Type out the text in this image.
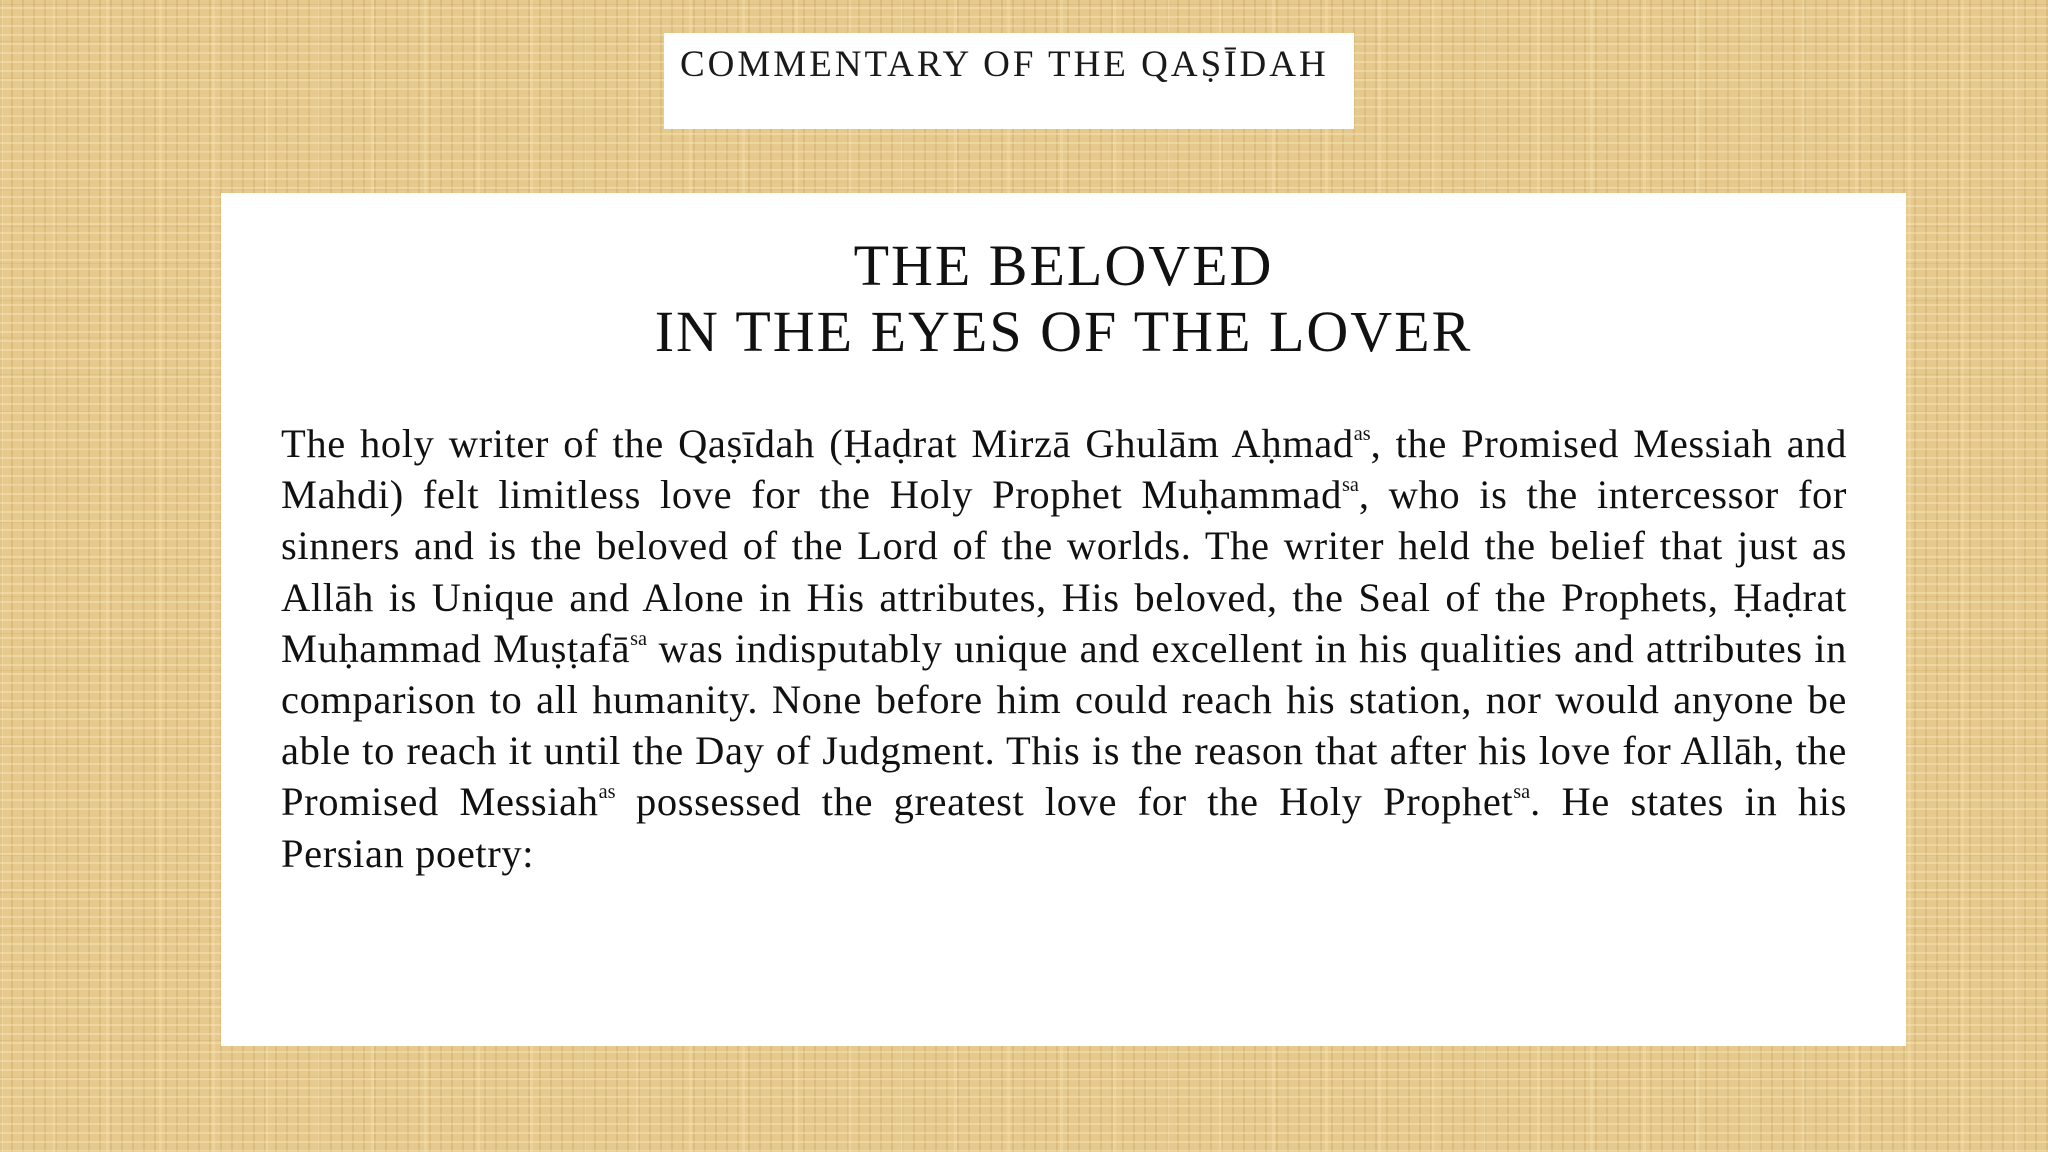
COMMENTARY OF THE QAṢĪDAH
THE BELOVED
IN THE EYES OF THE LOVER

The holy writer of the Qaṣīdah (Ḥaḍrat Mirzā Ghulām Aḥmad$^{as}$, the Promised Messiah and Mahdi) felt limitless love for the Holy Prophet Muḥammad$^{sa}$, who is the intercessor for sinners and is the beloved of the Lord of the worlds. The writer held the belief that just as Allāh is Unique and Alone in His attributes, His beloved, the Seal of the Prophets, Ḥaḍrat Muḥammad Muṣṭafā$^{sa}$ was indisputably unique and excellent in his qualities and attributes in comparison to all humanity. None before him could reach his station, nor would anyone be able to reach it until the Day of Judgment. This is the reason that after his love for Allāh, the Promised Messiah$^{as}$ possessed the greatest love for the Holy Prophet$^{sa}$. He states in his Persian poetry:
